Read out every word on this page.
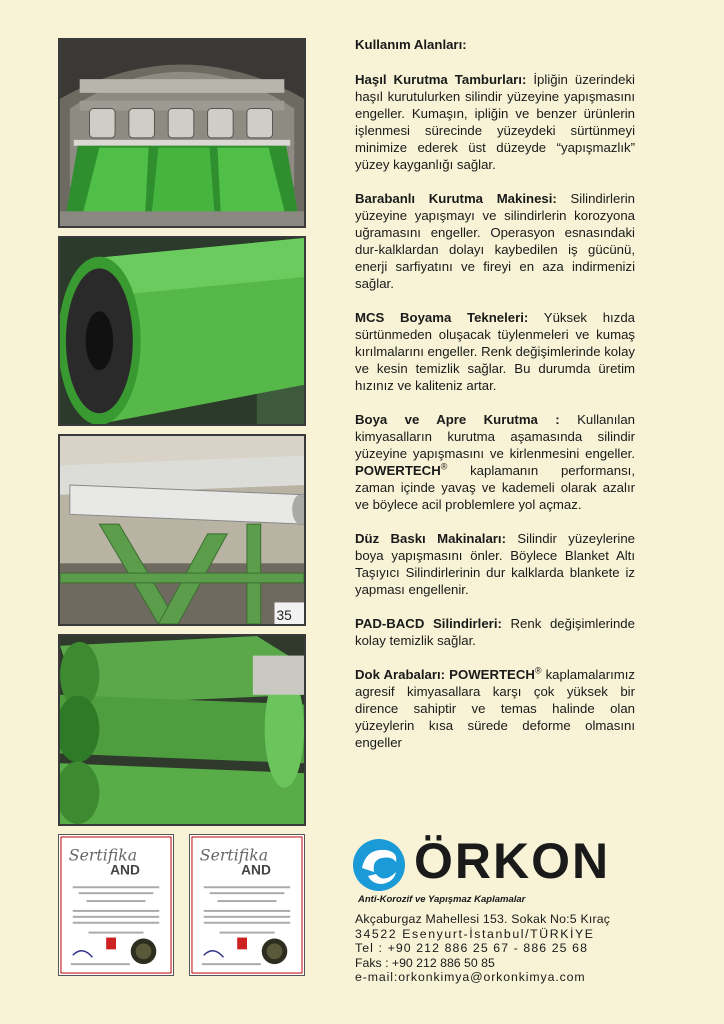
35
Sertifika
AND
Sertifika
AND
Kullanım Alanları:
Haşıl Kurutma Tamburları: İpliğin üzerindeki haşıl kurutulurken silindir yüzeyine yapışmasını engeller. Kumaşın, ipliğin ve benzer ürünlerin işlenmesi sürecinde yüzeydeki sürtünmeyi minimize ederek üst düzeyde “yapışmazlık” yüzey kayganlığı sağlar.
Barabanlı Kurutma Makinesi: Silindirlerin yüzeyine yapışmayı ve silindirlerin korozyona uğramasını engeller. Operasyon esnasındaki dur-kalklardan dolayı kaybedilen iş gücünü, enerji sarfiyatını ve fireyi en aza indirmenizi sağlar.
MCS Boyama Tekneleri: Yüksek hızda sürtünmeden oluşacak tüylenmeleri ve kumaş kırılmalarını engeller. Renk değişimlerinde kolay ve kesin temizlik sağlar. Bu durumda üretim hızınız ve kaliteniz artar.
Boya ve Apre Kurutma : Kullanılan kimyasalların kurutma aşamasında silindir yüzeyine yapışmasını ve kirlenmesini engeller. POWERTECH® kaplamanın performansı, zaman içinde yavaş ve kademeli olarak azalır ve böylece acil problemlere yol açmaz.
Düz Baskı Makinaları: Silindir yüzeylerine boya yapışmasını önler. Böylece Blanket Altı Taşıyıcı Silindirlerinin dur kalklarda blankete iz yapması engellenir.
PAD-BACD Silindirleri: Renk değişimlerinde kolay temizlik sağlar.
Dok Arabaları: POWERTECH® kaplamalarımız agresif kimyasallara karşı çok yüksek bir dirence sahiptir ve temas halinde olan yüzeylerin kısa sürede deforme olmasını engeller
ÖRKON
Anti-Korozif ve Yapışmaz Kaplamalar
Akçaburgaz Mahellesi 153. Sokak No:5 Kıraç
34522 Esenyurt-İstanbul/TÜRKİYE
Tel : +90 212 886 25 67 - 886 25 68
Faks : +90 212 886 50 85
e-mail:orkonkimya@orkonkimya.com
